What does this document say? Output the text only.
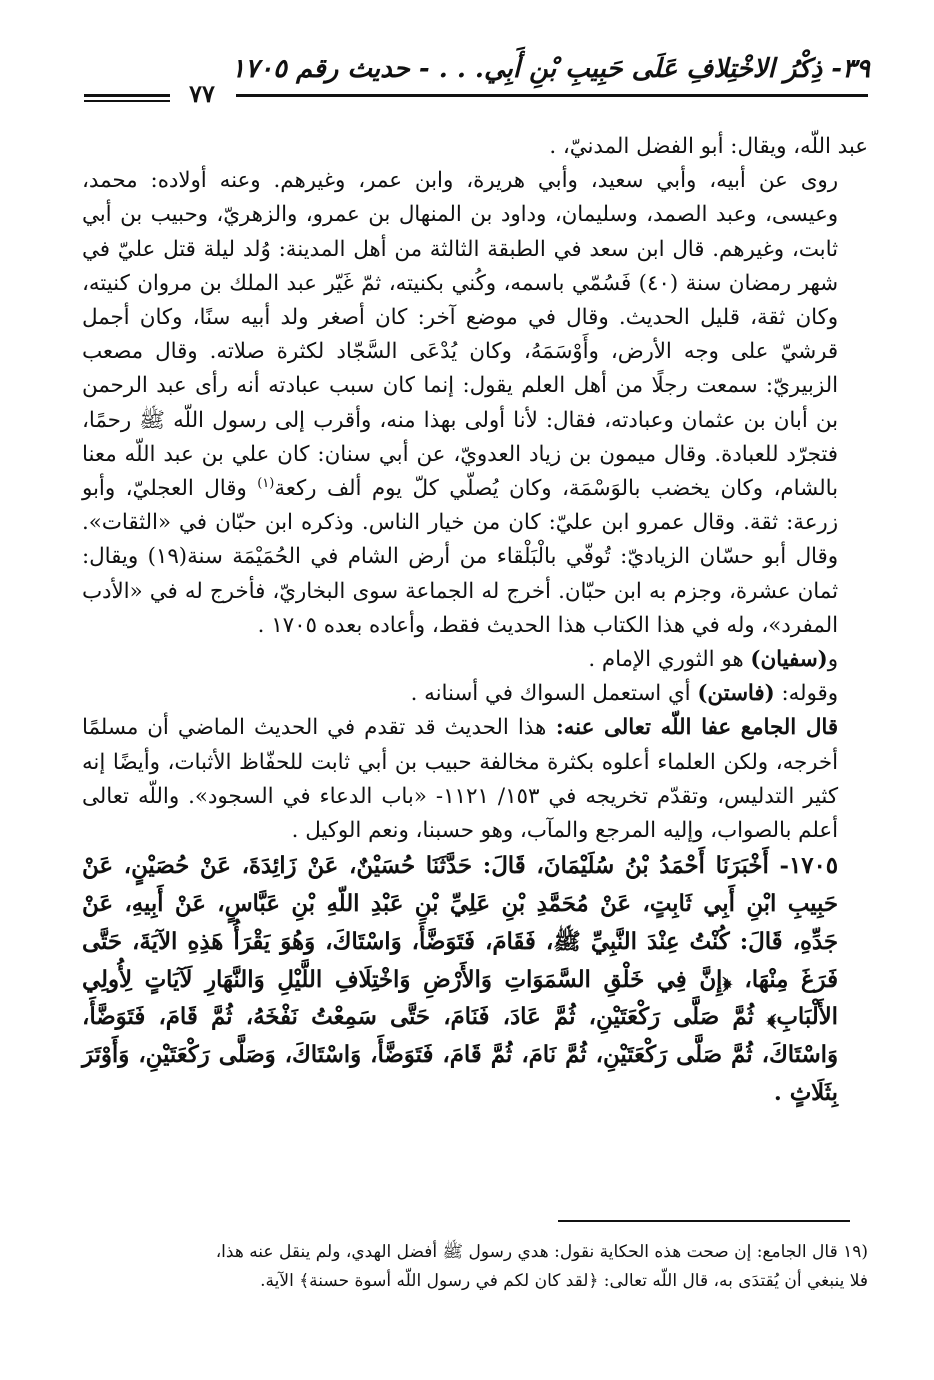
٣٩- ذِكْرُ الاخْتِلافِ عَلَى حَبِيبِ بْنِ أَبِي. . . - حديث رقم ١٧٠٥
٧٧

عبد اللّه، ويقال: أبو الفضل المدنيّ، .

روى عن أبيه، وأبي سعيد، وأبي هريرة، وابن عمر، وغيرهم. وعنه أولاده: محمد، وعيسى، وعبد الصمد، وسليمان، وداود بن المنهال بن عمرو، والزهريّ، وحبيب بن أبي ثابت، وغيرهم. قال ابن سعد في الطبقة الثالثة من أهل المدينة: وُلد ليلة قتل عليّ في شهر رمضان سنة (٤٠) فَسُمّي باسمه، وكُني بكنيته، ثمّ غَيّر عبد الملك بن مروان كنيته، وكان ثقة، قليل الحديث. وقال في موضع آخر: كان أصغر ولد أبيه سنًا، وكان أجمل قرشيّ على وجه الأرض، وأَوْسَمَهُ، وكان يُدْعَى السَّجّاد لكثرة صلاته. وقال مصعب الزبيريّ: سمعت رجلًا من أهل العلم يقول: إنما كان سبب عبادته أنه رأى عبد الرحمن بن أبان بن عثمان وعبادته، فقال: لأنا أولى بهذا منه، وأقرب إلى رسول اللّه ﷺ رحمًا، فتجرّد للعبادة. وقال ميمون بن زياد العدويّ، عن أبي سنان: كان علي بن عبد اللّه معنا بالشام، وكان يخضب بالوَسْمَة، وكان يُصلّي كلّ يوم ألف ركعة$^{(١)}$ وقال العجليّ، وأبو زرعة: ثقة. وقال عمرو ابن عليّ: كان من خيار الناس. وذكره ابن حبّان في «الثقات». وقال أبو حسّان الزياديّ: تُوفّي بالْبَلْقاء من أرض الشام في الحُمَيْمَة سنة(١٩) ويقال: ثمان عشرة، وجزم به ابن حبّان. أخرج له الجماعة سوى البخاريّ، فأخرج له في «الأدب المفرد»، وله في هذا الكتاب هذا الحديث فقط، وأعاده بعده ١٧٠٥ .

و(سفيان) هو الثوري الإمام .

وقوله: (فاستن) أي استعمل السواك في أسنانه .

قال الجامع عفا اللّه تعالى عنه: هذا الحديث قد تقدم في الحديث الماضي أن مسلمًا أخرجه، ولكن العلماء أعلوه بكثرة مخالفة حبيب بن أبي ثابت للحفّاظ الأثبات، وأيضًا إنه كثير التدليس، وتقدّم تخريجه في ١٥٣/ ١١٢١- «باب الدعاء في السجود». واللّه تعالى أعلم بالصواب، وإليه المرجع والمآب، وهو حسبنا، ونعم الوكيل .

١٧٠٥- أَخْبَرَنَا أَحْمَدُ بْنُ سُلَيْمَانَ، قَالَ: حَدَّثَنَا حُسَيْنٌ، عَنْ زَائِدَةَ، عَنْ حُصَيْنٍ، عَنْ حَبِيبِ ابْنِ أَبِي ثَابِتٍ، عَنْ مُحَمَّدِ بْنِ عَلِيِّ بْنِ عَبْدِ اللّهِ بْنِ عَبَّاسٍ، عَنْ أَبِيهِ، عَنْ جَدِّهِ، قَالَ: كُنْتُ عِنْدَ النَّبِيِّ ﷺ، فَقَامَ، فَتَوَضَّأَ، وَاسْتَاكَ، وَهُوَ يَقْرَأُ هَذِهِ الآيَةَ، حَتَّى فَرَغَ مِنْهَا، ﴿إِنَّ فِي خَلْقِ السَّمَوَاتِ وَالأَرْضِ وَاخْتِلَافِ اللَّيْلِ وَالنَّهَارِ لَآيَاتٍ لِأُولِي الأَلْبَابِ﴾ ثُمَّ صَلَّى رَكْعَتَيْنِ، ثُمَّ عَادَ، فَنَامَ، حَتَّى سَمِعْتُ نَفْخَهُ، ثُمَّ قَامَ، فَتَوَضَّأَ، وَاسْتَاكَ، ثُمَّ صَلَّى رَكْعَتَيْنِ، ثُمَّ نَامَ، ثُمَّ قَامَ، فَتَوَضَّأَ، وَاسْتَاكَ، وَصَلَّى رَكْعَتَيْنِ، وَأَوْتَرَ بِثَلَاثٍ .

(١٩ قال الجامع: إن صحت هذه الحكاية نقول: هدي رسول ﷺ أفضل الهدي، ولم ينقل عنه هذا،

فلا ينبغي أن يُقتدَى به، قال اللّه تعالى: ﴿لقد كان لكم في رسول اللّه أسوة حسنة﴾ الآية.
